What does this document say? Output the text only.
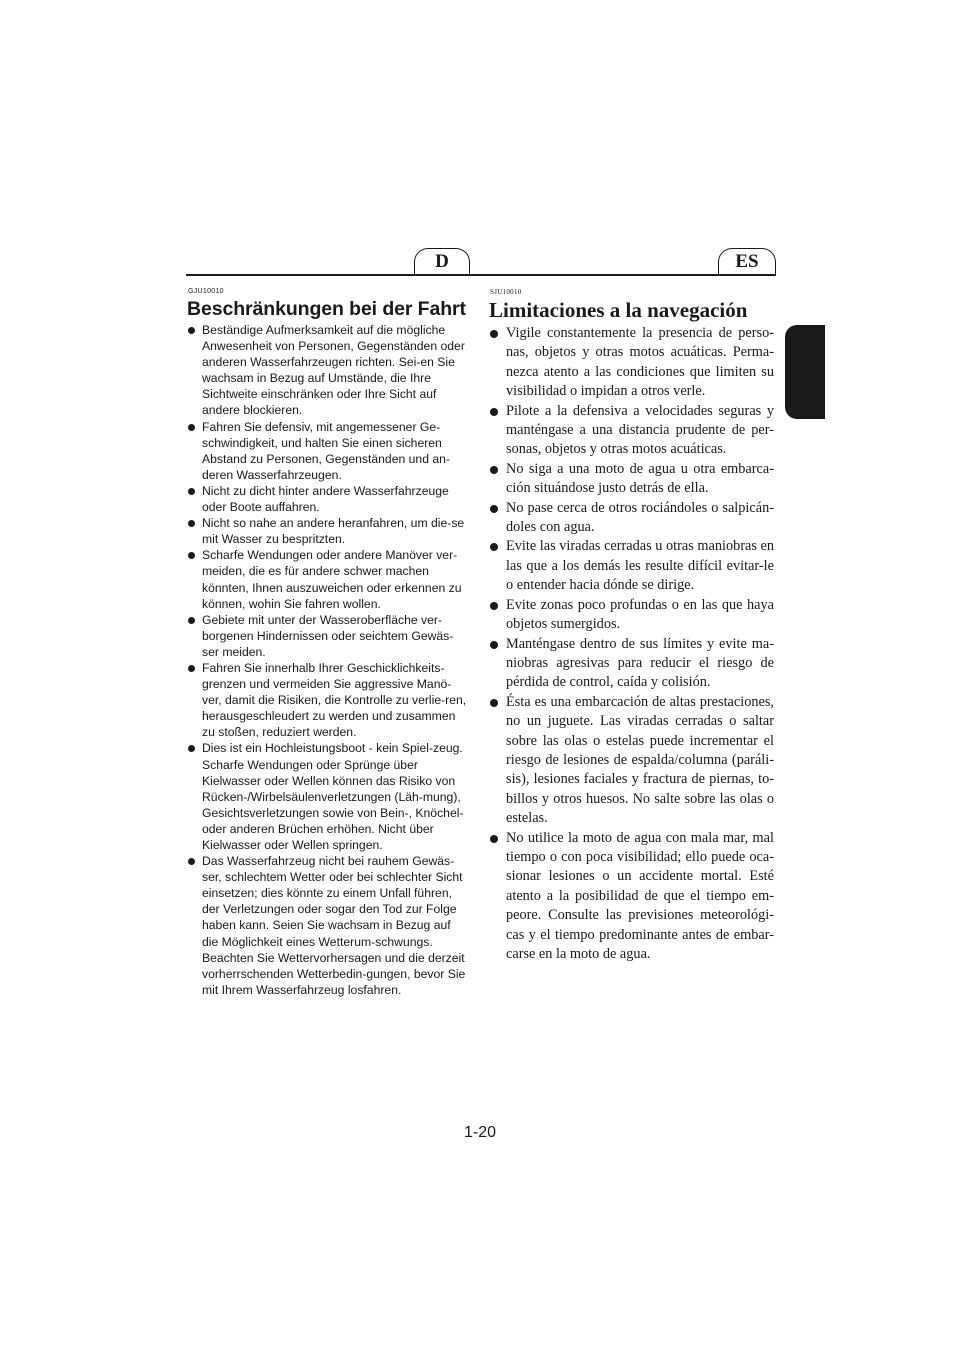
D	ES
GJU10010
Beschränkungen bei der Fahrt
Beständige Aufmerksamkeit auf die mögliche Anwesenheit von Personen, Gegenständen oder anderen Wasserfahrzeugen richten. Sei-en Sie wachsam in Bezug auf Umstände, die Ihre Sichtweite einschränken oder Ihre Sicht auf andere blockieren.
Fahren Sie defensiv, mit angemessener Ge-schwindigkeit, und halten Sie einen sicheren Abstand zu Personen, Gegenständen und an-deren Wasserfahrzeugen.
Nicht zu dicht hinter andere Wasserfahrzeuge oder Boote auffahren.
Nicht so nahe an andere heranfahren, um die-se mit Wasser zu bespritzten.
Scharfe Wendungen oder andere Manöver ver-meiden, die es für andere schwer machen könnten, Ihnen auszuweichen oder erkennen zu können, wohin Sie fahren wollen.
Gebiete mit unter der Wasseroberfläche ver-borgenen Hindernissen oder seichtem Gewäs-ser meiden.
Fahren Sie innerhalb Ihrer Geschicklichkeits-grenzen und vermeiden Sie aggressive Manö-ver, damit die Risiken, die Kontrolle zu verlie-ren, herausgeschleudert zu werden und zusammen zu stoßen, reduziert werden.
Dies ist ein Hochleistungsboot - kein Spiel-zeug. Scharfe Wendungen oder Sprünge über Kielwasser oder Wellen können das Risiko von Rücken-/Wirbelsäulenverletzungen (Läh-mung), Gesichtsverletzungen sowie von Bein-, Knöchel- oder anderen Brüchen erhöhen. Nicht über Kielwasser oder Wellen springen.
Das Wasserfahrzeug nicht bei rauhem Gewäs-ser, schlechtem Wetter oder bei schlechter Sicht einsetzen; dies könnte zu einem Unfall führen, der Verletzungen oder sogar den Tod zur Folge haben kann. Seien Sie wachsam in Bezug auf die Möglichkeit eines Wetterum-schwungs. Beachten Sie Wettervorhersagen und die derzeit vorherrschenden Wetterbedin-gungen, bevor Sie mit Ihrem Wasserfahrzeug losfahren.
SJU10010
Limitaciones a la navegación
Vigile constantemente la presencia de perso-nas, objetos y otras motos acuáticas. Perma-nezca atento a las condiciones que limiten su visibilidad o impidan a otros verle.
Pilote a la defensiva a velocidades seguras y manténgase a una distancia prudente de per-sonas, objetos y otras motos acuáticas.
No siga a una moto de agua u otra embarca-ción situándose justo detrás de ella.
No pase cerca de otros rociándoles o salpicán-doles con agua.
Evite las viradas cerradas u otras maniobras en las que a los demás les resulte difícil evitar-le o entender hacia dónde se dirige.
Evite zonas poco profundas o en las que haya objetos sumergidos.
Manténgase dentro de sus límites y evite ma-niobras agresivas para reducir el riesgo de pérdida de control, caída y colisión.
Ésta es una embarcación de altas prestaciones, no un juguete. Las viradas cerradas o saltar sobre las olas o estelas puede incrementar el riesgo de lesiones de espalda/columna (paráli-sis), lesiones faciales y fractura de piernas, to-billos y otros huesos. No salte sobre las olas o estelas.
No utilice la moto de agua con mala mar, mal tiempo o con poca visibilidad; ello puede oca-sionar lesiones o un accidente mortal. Esté atento a la posibilidad de que el tiempo em-peore. Consulte las previsiones meteorológi-cas y el tiempo predominante antes de embar-carse en la moto de agua.
1-20
